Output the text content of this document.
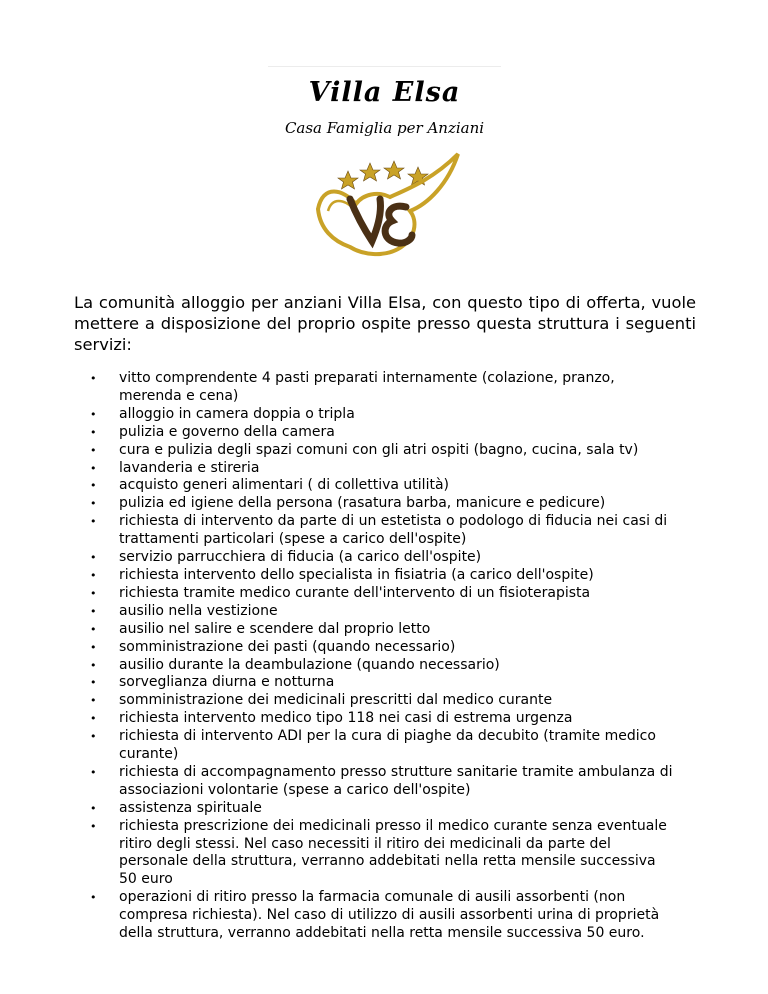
Villa Elsa
Casa Famiglia per Anziani

La comunità alloggio per anziani Villa Elsa, con questo tipo di offerta, vuole mettere a disposizione del proprio ospite presso questa struttura i seguenti servizi:

• vitto comprendente 4 pasti preparati internamente (colazione, pranzo, merenda e cena)
• alloggio in camera doppia o tripla
• pulizia e governo della camera
• cura e pulizia degli spazi comuni con gli atri ospiti (bagno, cucina, sala tv)
• lavanderia e stireria
• acquisto generi alimentari ( di collettiva utilità)
• pulizia ed igiene della persona (rasatura barba, manicure e pedicure)
• richiesta di intervento da parte di un estetista o podologo di fiducia nei casi di trattamenti particolari (spese a carico dell'ospite)
• servizio parrucchiera di fiducia (a carico dell'ospite)
• richiesta intervento dello specialista in fisiatria (a carico dell'ospite)
• richiesta tramite medico curante dell'intervento di un fisioterapista
• ausilio nella vestizione
• ausilio nel salire e scendere dal proprio letto
• somministrazione dei pasti (quando necessario)
• ausilio durante la deambulazione (quando necessario)
• sorveglianza diurna e notturna
• somministrazione dei medicinali prescritti dal medico curante
• richiesta intervento medico tipo 118 nei casi di estrema urgenza
• richiesta di intervento ADI per la cura di piaghe da decubito (tramite medico curante)
• richiesta di accompagnamento presso strutture sanitarie tramite ambulanza di associazioni volontarie (spese a carico dell'ospite)
• assistenza spirituale
• richiesta prescrizione dei medicinali presso il medico curante senza eventuale ritiro degli stessi. Nel caso necessiti il ritiro dei medicinali da parte del personale della struttura, verranno addebitati nella retta mensile successiva 50 euro
• operazioni di ritiro presso la farmacia comunale di ausili assorbenti (non compresa richiesta). Nel caso di utilizzo di ausili assorbenti urina di proprietà della struttura, verranno addebitati nella retta mensile successiva 50 euro.
